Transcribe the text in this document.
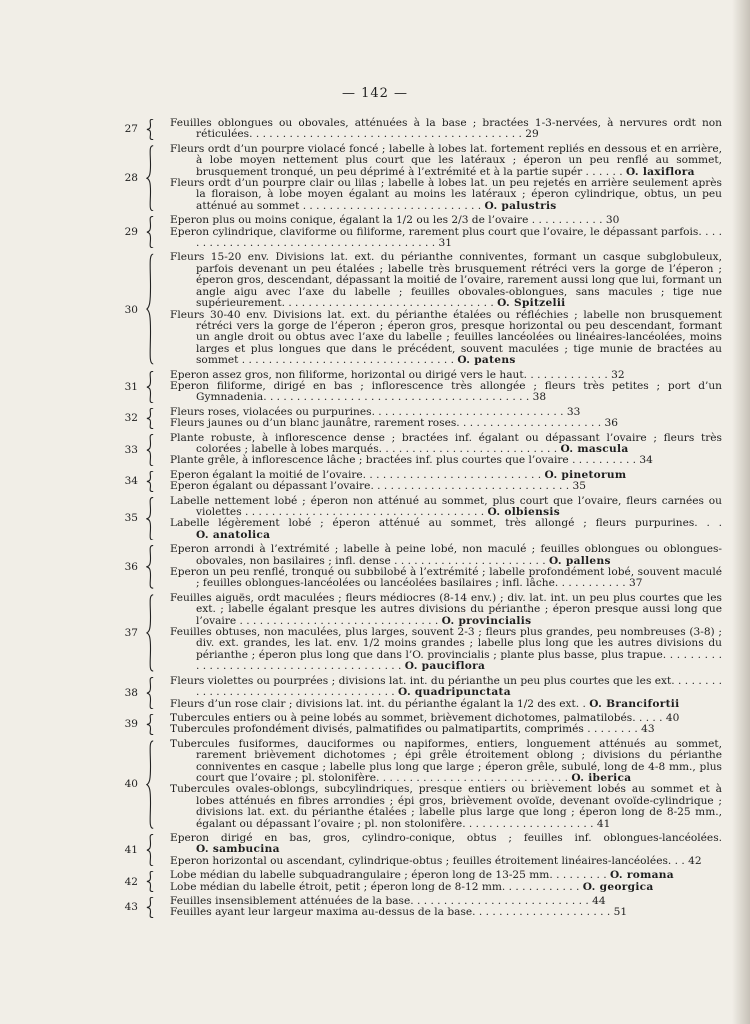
— 142 —
27
Feuilles oblongues ou obovales, atténuées à la base ; bractées 1-3-nervées, à nervures ordt non réticulées. . . . . . . . . . . . . . . . . . . . . . . . . . . . . . . . . . . . . . . . . 29
28
Fleurs ordt d’un pourpre violacé foncé ; labelle à lobes lat. fortement repliés en dessous et en arrière, à lobe moyen nettement plus court que les latéraux ; éperon un peu renflé au sommet, brusquement tronqué, un peu déprimé à l’extrémité et à la partie supér . . . . . . O. laxiflora
Fleurs ordt d’un pourpre clair ou lilas ; labelle à lobes lat. un peu rejetés en arrière seulement après la floraison, à lobe moyen égalant au moins les latéraux ; éperon cylindrique, obtus, un peu atténué au sommet . . . . . . . . . . . . . . . . . . . . . . . . . . . O. palustris
29
Eperon plus ou moins conique, égalant la 1/2 ou les 2/3 de l’ovaire . . . . . . . . . . . 30
Eperon cylindrique, claviforme ou filiforme, rarement plus court que l’ovaire, le dépassant parfois. . . . . . . . . . . . . . . . . . . . . . . . . . . . . . . . . . . . . . . . 31
30
Fleurs 15-20 env. Divisions lat. ext. du périanthe conniventes, formant un casque subglobuleux, parfois devenant un peu étalées ; labelle très brusquement rétréci vers la gorge de l’éperon ; éperon gros, descendant, dépassant la moitié de l’ovaire, rarement aussi long que lui, formant un angle aigu avec l’axe du labelle ; feuilles obovales-oblongues, sans macules ; tige nue supérieurement. . . . . . . . . . . . . . . . . . . . . . . . . . . . . . . . O. Spitzelii
Fleurs 30-40 env. Divisions lat. ext. du périanthe étalées ou réfléchies ; labelle non brusquement rétréci vers la gorge de l’éperon ; éperon gros, presque horizontal ou peu descendant, formant un angle droit ou obtus avec l’axe du labelle ; feuilles lancéolées ou linéaires-lancéolées, moins larges et plus longues que dans le précédent, souvent maculées ; tige munie de bractées au sommet . . . . . . . . . . . . . . . . . . . . . . . . . . . . . . . . O. patens
31
Eperon assez gros, non filiforme, horizontal ou dirigé vers le haut. . . . . . . . . . . . . 32
Eperon filiforme, dirigé en bas ; inflorescence très allongée ; fleurs très petites ; port d’un Gymnadenia. . . . . . . . . . . . . . . . . . . . . . . . . . . . . . . . . . . . . . . . 38
32
Fleurs roses, violacées ou purpurines. . . . . . . . . . . . . . . . . . . . . . . . . . . . . 33
Fleurs jaunes ou d’un blanc jaunâtre, rarement roses. . . . . . . . . . . . . . . . . . . . . . 36
33
Plante robuste, à inflorescence dense ; bractées inf. égalant ou dépassant l’ovaire ; fleurs très colorées ; labelle à lobes marqués. . . . . . . . . . . . . . . . . . . . . . . . . . . O. mascula
Plante grêle, à inflorescence lâche ; bractées inf. plus courtes que l’ovaire . . . . . . . . . . 34
34
Eperon égalant la moitié de l’ovaire. . . . . . . . . . . . . . . . . . . . . . . . . . . O. pinetorum
Eperon égalant ou dépassant l’ovaire. . . . . . . . . . . . . . . . . . . . . . . . . . . . . . 35
35
Labelle nettement lobé ; éperon non atténué au sommet, plus court que l’ovaire, fleurs carnées ou violettes . . . . . . . . . . . . . . . . . . . . . . . . . . . . . . . . . . . . O. olbiensis
Labelle légèrement lobé ; éperon atténué au sommet, très allongé ; fleurs purpurines. . . O. anatolica
36
Eperon arrondi à l’extrémité ; labelle à peine lobé, non maculé ; feuilles oblongues ou oblongues-obovales, non basilaires ; infl. dense . . . . . . . . . . . . . . . . . . . . . . . O. pallens
Eperon un peu renflé, tronqué ou subbilobé à l’extrémité ; labelle profondément lobé, souvent maculé ; feuilles oblongues-lancéolées ou lancéolées basilaires ; infl. lâche. . . . . . . . . . . 37
37
Feuilles aiguës, ordt maculées ; fleurs médiocres (8-14 env.) ; div. lat. int. un peu plus courtes que les ext. ; labelle égalant presque les autres divisions du périanthe ; éperon presque aussi long que l’ovaire . . . . . . . . . . . . . . . . . . . . . . . . . . . . . . O. provincialis
Feuilles obtuses, non maculées, plus larges, souvent 2-3 ; fleurs plus grandes, peu nombreuses (3-8) ; div. ext. grandes, les lat. env. 1/2 moins grandes ; labelle plus long que les autres divisions du périanthe ; éperon plus long que dans l’O. provincialis ; plante plus basse, plus trapue. . . . . . . . . . . . . . . . . . . . . . . . . . . . . . . . . . . . . . . . O. pauciflora
38
Fleurs violettes ou pourprées ; divisions lat. int. du périanthe un peu plus courtes que les ext. . . . . . . . . . . . . . . . . . . . . . . . . . . . . . . . . . . . . . O. quadripunctata
Fleurs d’un rose clair ; divisions lat. int. du périanthe égalant la 1/2 des ext. . O. Brancifortii
39
Tubercules entiers ou à peine lobés au sommet, brièvement dichotomes, palmatilobés. . . . . 40
Tubercules profondément divisés, palmatifides ou palmatipartits, comprimés . . . . . . . . 43
40
Tubercules fusiformes, dauciformes ou napiformes, entiers, longuement atténués au sommet, rarement brièvement dichotomes ; épi grêle étroitement oblong ; divisions du périanthe conniventes en casque ; labelle plus long que large ; éperon grêle, subulé, long de 4-8 mm., plus court que l’ovaire ; pl. stolonifère. . . . . . . . . . . . . . . . . . . . . . . . . . . . . O. iberica
Tubercules ovales-oblongs, subcylindriques, presque entiers ou brièvement lobés au sommet et à lobes atténués en fibres arrondies ; épi gros, brièvement ovoïde, devenant ovoïde-cylindrique ; divisions lat. ext. du périanthe étalées ; labelle plus large que long ; éperon long de 8-25 mm., égalant ou dépassant l’ovaire ; pl. non stolonifère. . . . . . . . . . . . . . . . . . . . 41
41
Eperon dirigé en bas, gros, cylindro-conique, obtus ; feuilles inf. oblongues-lancéolées. O. sambucina
Eperon horizontal ou ascendant, cylindrique-obtus ; feuilles étroitement linéaires-lancéolées. . . 42
42
Lobe médian du labelle subquadrangulaire ; éperon long de 13-25 mm. . . . . . . . . O. romana
Lobe médian du labelle étroit, petit ; éperon long de 8-12 mm. . . . . . . . . . . . O. georgica
43
Feuilles insensiblement atténuées de la base. . . . . . . . . . . . . . . . . . . . . . . . . . . 44
Feuilles ayant leur largeur maxima au-dessus de la base. . . . . . . . . . . . . . . . . . . . . 51
